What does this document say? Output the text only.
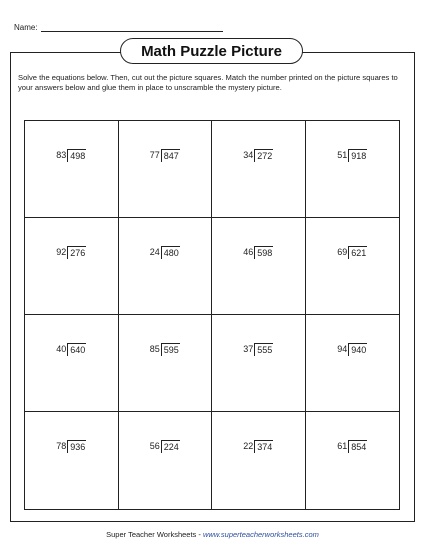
Name:
Math Puzzle Picture
Solve the equations below. Then, cut out the picture squares. Match the number printed on the picture squares to your answers below and glue them in place to unscramble the mystery picture.
83 498	77 847	34 272	51 918
92 276	24 480	46 598	69 621
40 640	85 595	37 555	94 940
78 936	56 224	22 374	61 854
Super Teacher Worksheets - www.superteacherworksheets.com
